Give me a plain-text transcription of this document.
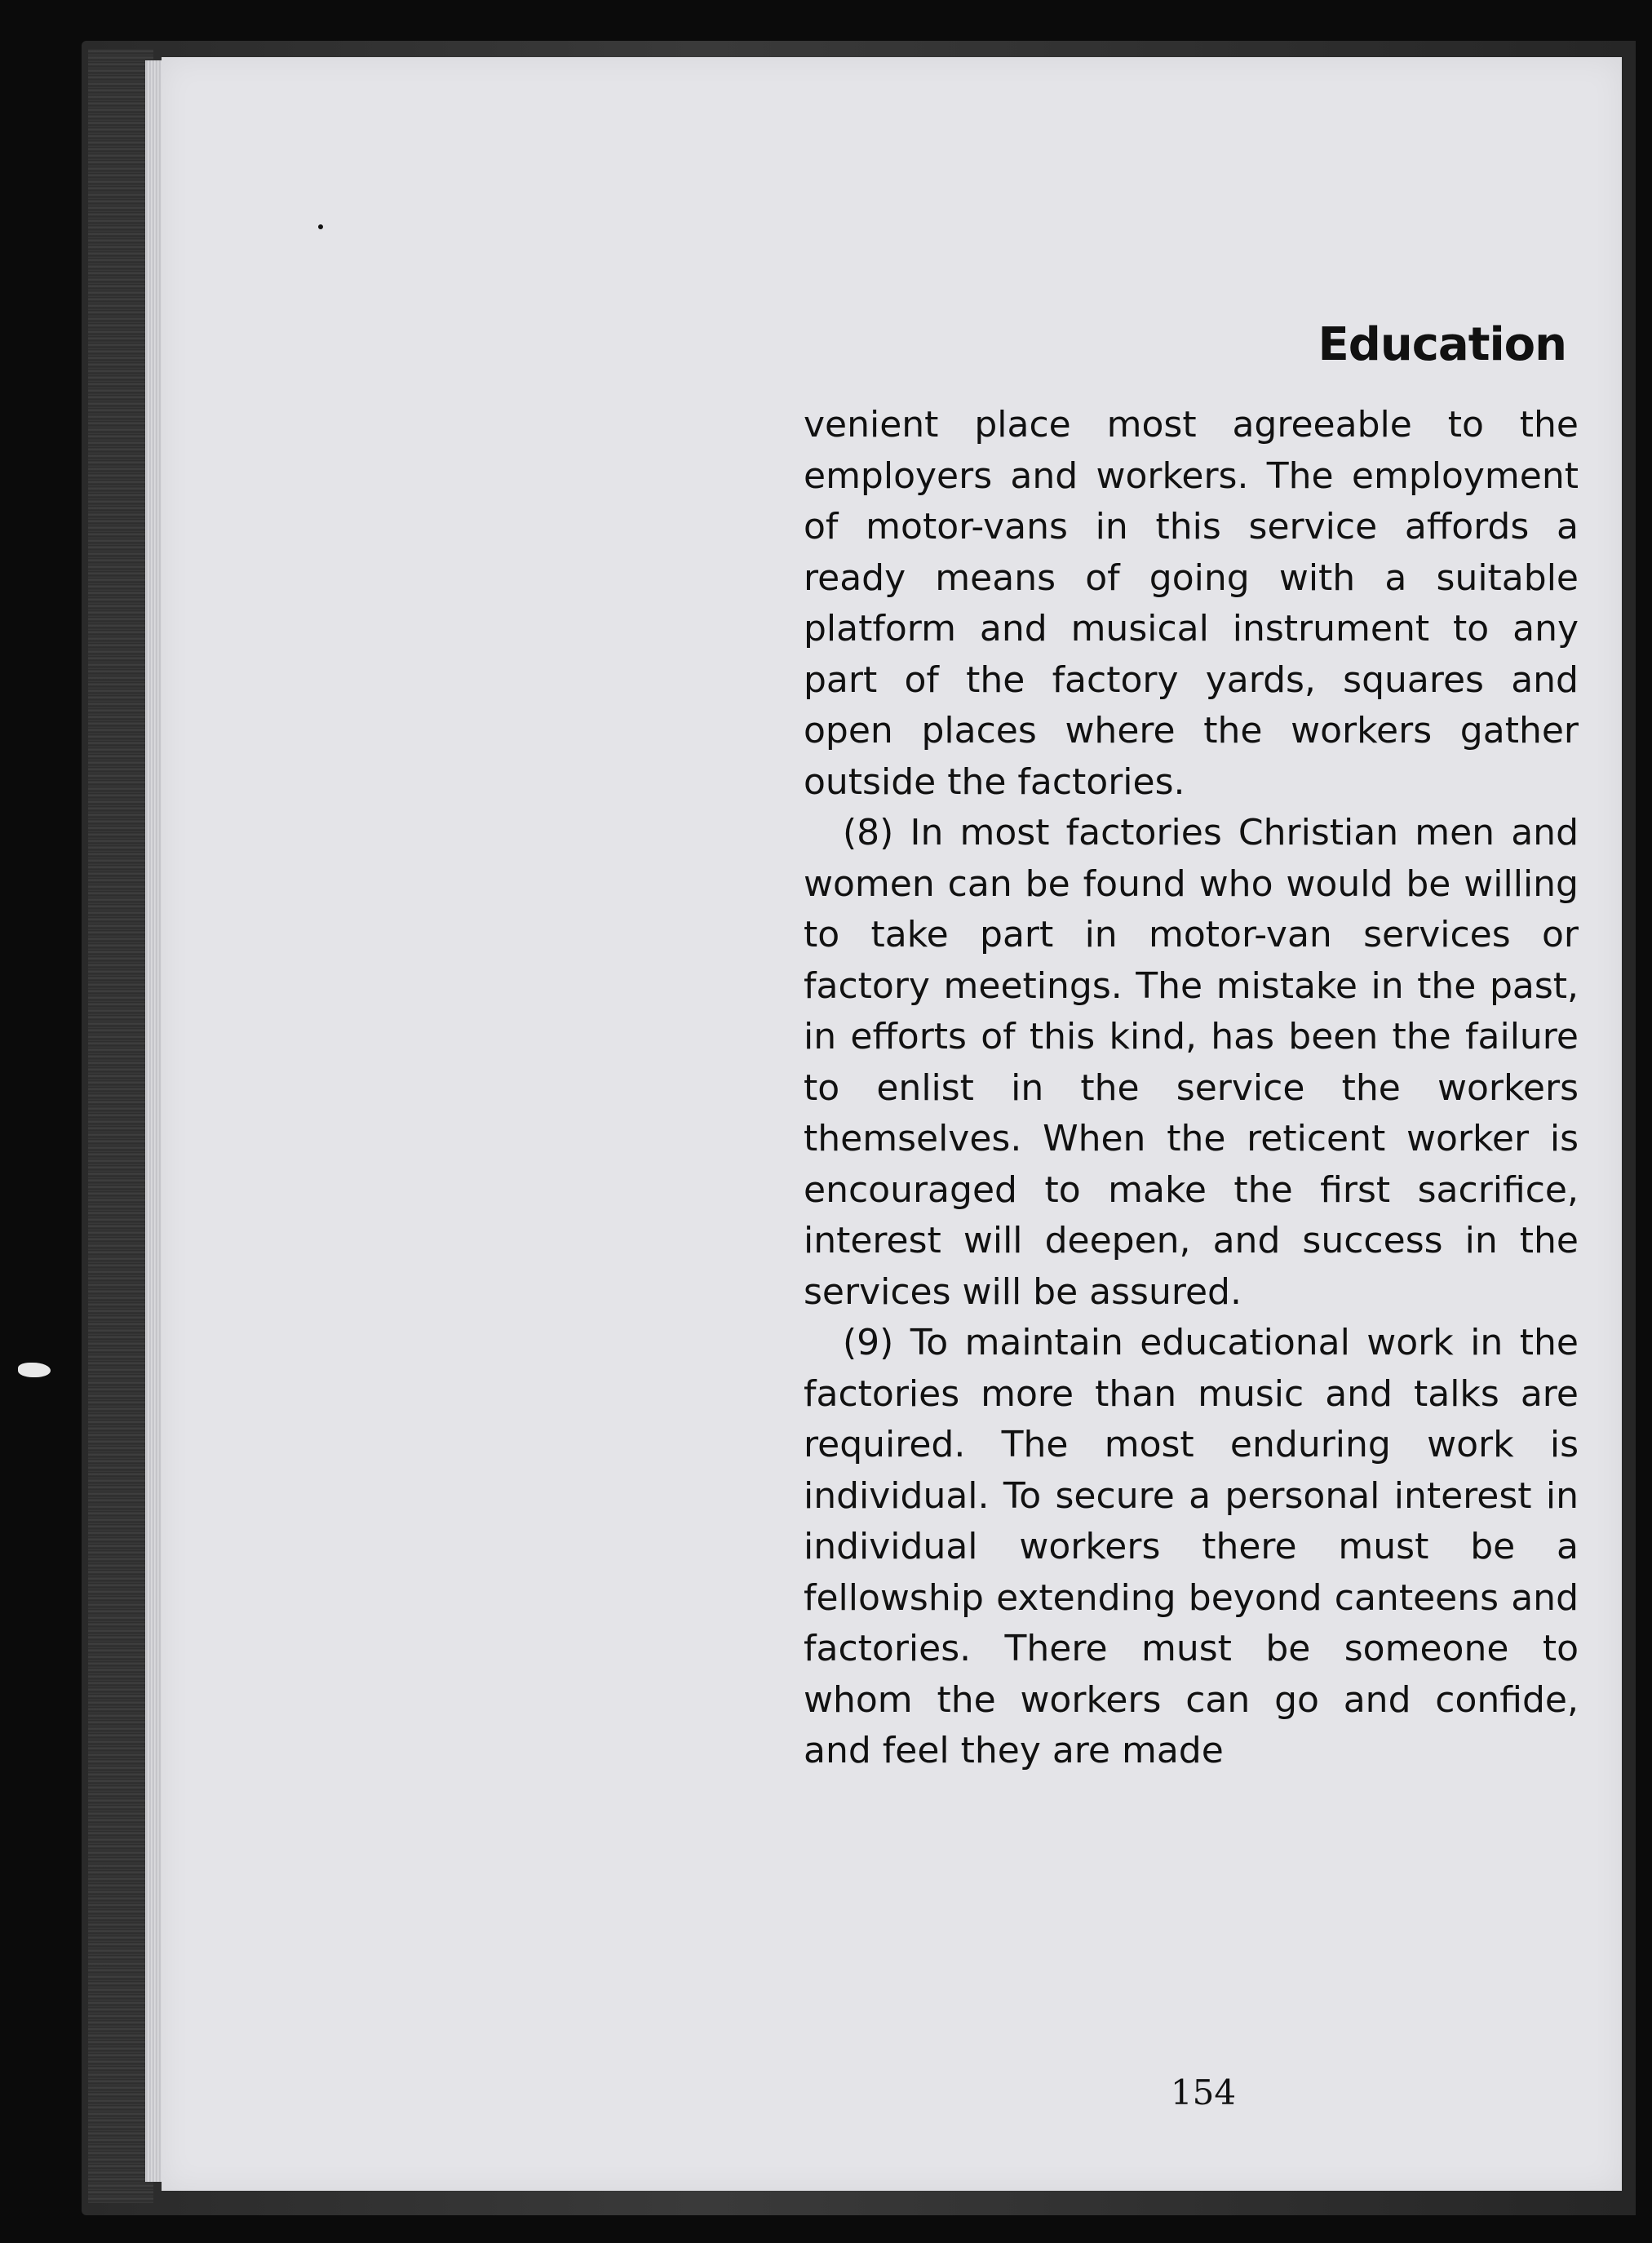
Education

venient place most agreeable to the employers and workers. The employment of motor-vans in this service affords a ready means of going with a suitable platform and musical instrument to any part of the factory yards, squares and open places where the workers gather outside the factories.

(8) In most factories Christian men and women can be found who would be willing to take part in motor-van services or factory meetings. The mistake in the past, in efforts of this kind, has been the failure to enlist in the service the workers themselves. When the reticent worker is encouraged to make the first sacrifice, interest will deepen, and success in the services will be assured.

(9) To maintain educational work in the factories more than music and talks are required. The most enduring work is individual. To secure a personal interest in individual workers there must be a fellowship extending beyond canteens and factories. There must be someone to whom the workers can go and confide, and feel they are made

154
